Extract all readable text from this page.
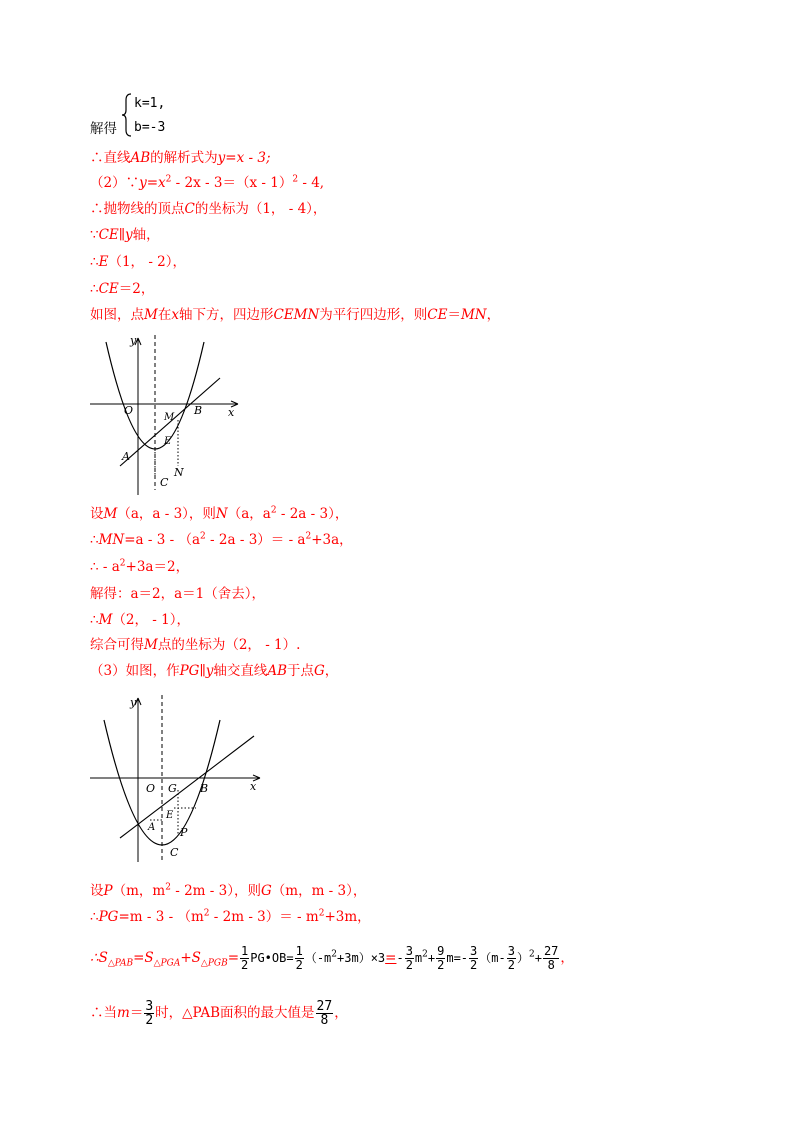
解得
k=1,
b=-3
∴直线AB的解析式为y=x - 3;
$(2)\because y=x^2 - 2x - 3=(x - 1)^2 - 4$,
∴抛物线的顶点C的坐标为（1， - 4），
∵CE∥y轴，
∴E（1， - 2），
∴CE＝2，
如图，点M在x轴下方，四边形CEMN为平行四边形，则CE＝MN，
y
x
O	B
M
E
A
N
C
设M（a，a - 3），则N（a，$a^2 - 2a - 3$），
∴MN=a - $3 - (a^2 - 2a - 3)= - a^2+3a$，
∴ - $a^2+3a=2$，
解得：a＝2，a＝1（舍去），
∴M（2， - 1），
综合可得M点的坐标为（2， - 1）.
（3）如图，作PG∥y轴交直线AB于点G，
y
x
O G B
E
A P
C
设P（m，$m^2 - 2m - 3$），则G（m，m - 3），
∴PG=m - $3 - (m^2 - 2m - 3)= - m^2+3m$，
$\therefore S_{\triangle PAB}=S_{\triangle PGA}+S_{\triangle PGB}= \frac{1}{2}$ PG•OB= $\frac{1}{2} (-m^2+3m)\times 3=- \frac{3}{2} m^2+ \frac{9}{2} m=- \frac{3}{2} (m- \frac{3}{2} )^2+ \frac{27}{8}$ ，
∴当$m= \frac{3}{2}$ 时，△PAB面积的最大值是 $\frac{27}{8}$ ，
